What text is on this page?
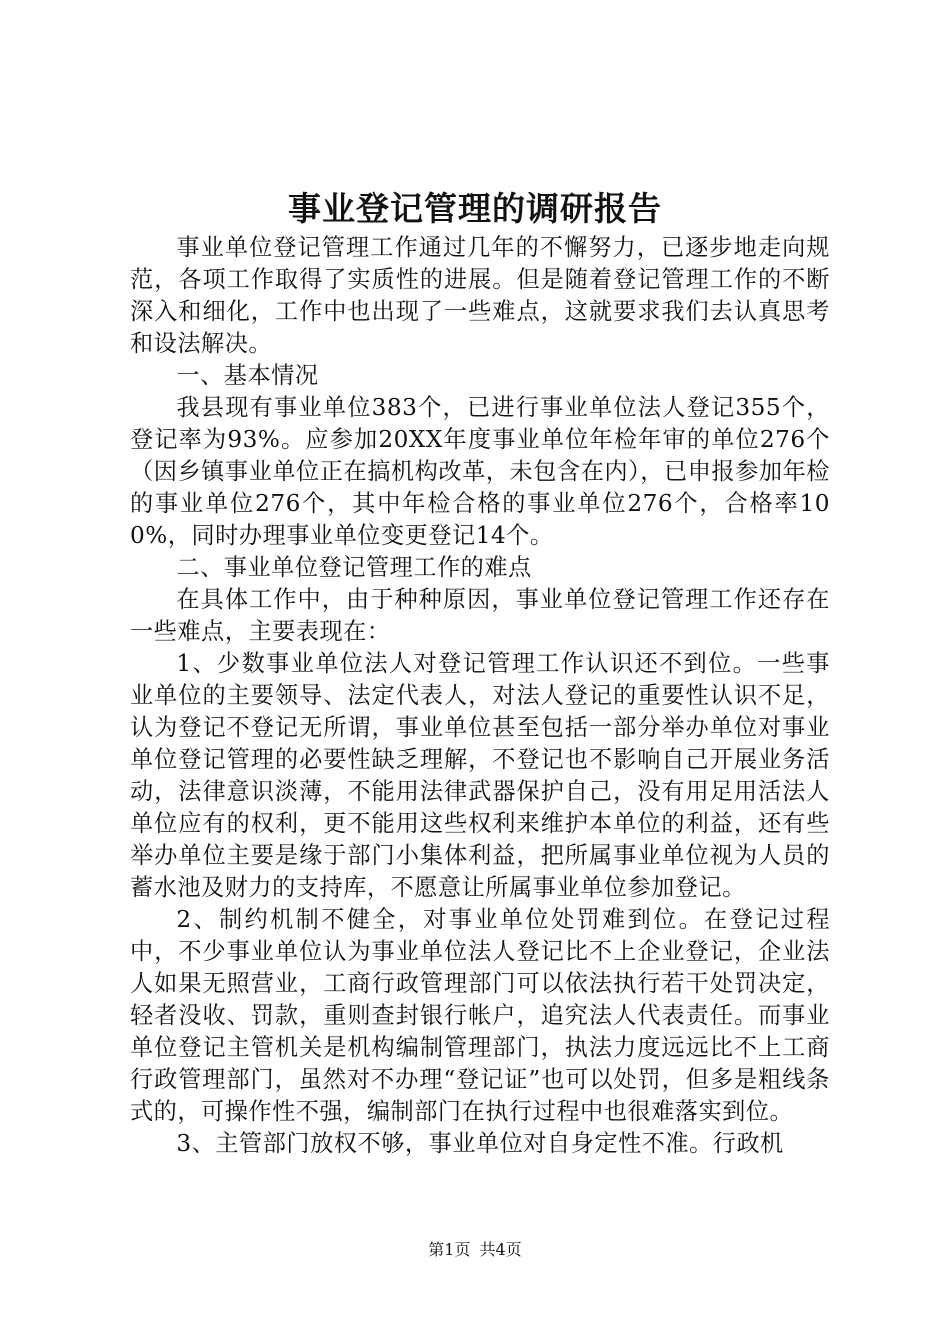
事业登记管理的调研报告

事业单位登记管理工作通过几年的不懈努力，已逐步地走向规范，各项工作取得了实质性的进展。但是随着登记管理工作的不断深入和细化，工作中也出现了一些难点，这就要求我们去认真思考和设法解决。

一、基本情况

我县现有事业单位383个，已进行事业单位法人登记355个，登记率为93%。应参加20XX年度事业单位年检年审的单位276个（因乡镇事业单位正在搞机构改革，未包含在内），已申报参加年检的事业单位276个，其中年检合格的事业单位276个，合格率100%，同时办理事业单位变更登记14个。

二、事业单位登记管理工作的难点

在具体工作中，由于种种原因，事业单位登记管理工作还存在一些难点，主要表现在：

1、少数事业单位法人对登记管理工作认识还不到位。一些事业单位的主要领导、法定代表人，对法人登记的重要性认识不足，认为登记不登记无所谓，事业单位甚至包括一部分举办单位对事业单位登记管理的必要性缺乏理解，不登记也不影响自己开展业务活动，法律意识淡薄，不能用法律武器保护自己，没有用足用活法人单位应有的权利，更不能用这些权利来维护本单位的利益，还有些举办单位主要是缘于部门小集体利益，把所属事业单位视为人员的蓄水池及财力的支持库，不愿意让所属事业单位参加登记。

2、制约机制不健全，对事业单位处罚难到位。在登记过程中，不少事业单位认为事业单位法人登记比不上企业登记，企业法人如果无照营业，工商行政管理部门可以依法执行若干处罚决定，轻者没收、罚款，重则查封银行帐户，追究法人代表责任。而事业单位登记主管机关是机构编制管理部门，执法力度远远比不上工商行政管理部门，虽然对不办理“登记证”也可以处罚，但多是粗线条式的，可操作性不强，编制部门在执行过程中也很难落实到位。

3、主管部门放权不够，事业单位对自身定性不准。行政机

第1页 共4页
